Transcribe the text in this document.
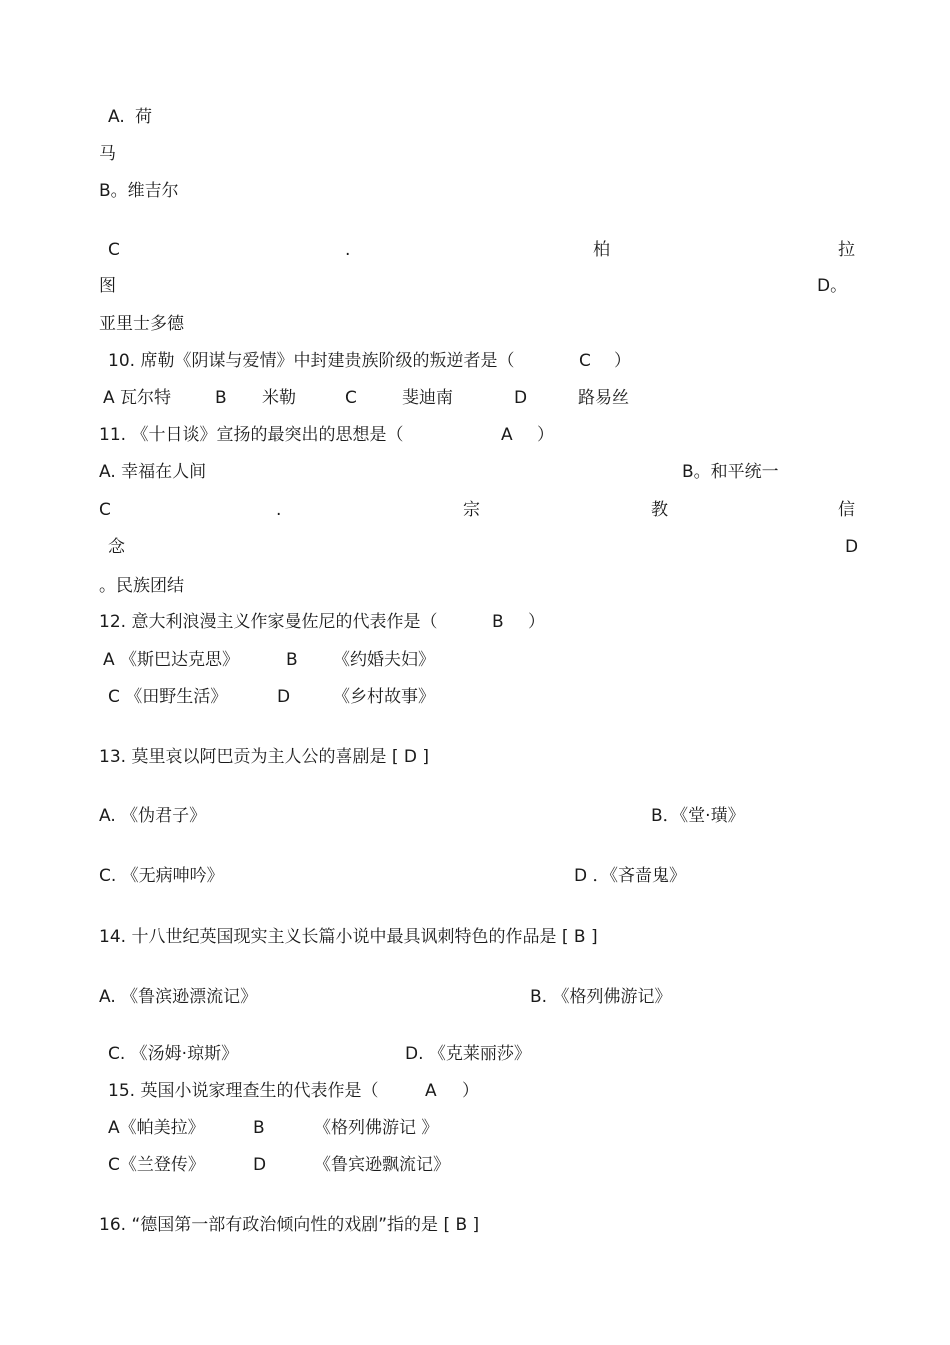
A. 荷
马
B。维吉尔
C	.	柏	拉
图	D。
亚里士多德
10. 席勒《阴谋与爱情》中封建贵族阶级的叛逆者是（	C ）
A 瓦尔特	B 米勒	C	斐迪南	D	路易丝
11. 《十日谈》宣扬的最突出的思想是（	A ）
A. 幸福在人间	B。和平统一
C	.	宗	教	信
念	D
。民族团结
12. 意大利浪漫主义作家曼佐尼的代表作是（	B ）
A 《斯巴达克思》	B 《约婚夫妇》
C 《田野生活》	D	《乡村故事》
13. 莫里哀以阿巴贡为主人公的喜剧是 [ D ]
A. 《伪君子》	B．《堂·璜》
C. 《无病呻吟》	D ．《吝啬鬼》
14. 十八世纪英国现实主义长篇小说中最具讽刺特色的作品是 [ B ]
A. 《鲁滨逊漂流记》	B. 《格列佛游记》
C. 《汤姆·琼斯》	D. 《克莱丽莎》
15. 英国小说家理查生的代表作是（	A ）
A《帕美拉》	B	《格列佛游记 》
C《兰登传》	D	《鲁宾逊飘流记》
16. “德国第一部有政治倾向性的戏剧”指的是 [ B ]
